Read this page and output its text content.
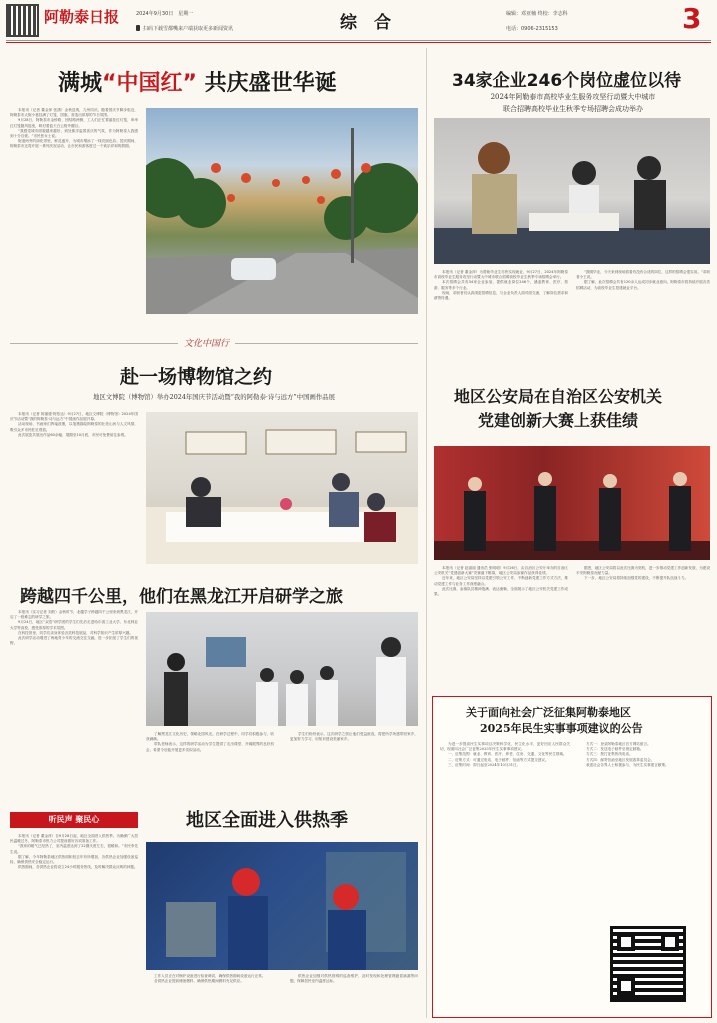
阿勒泰日报	2024年9月30日　星期一
扫码下载雪都嘴来户端获取更多新闻资讯	综　合	编辑：邓亚楠 终校：李志科
电话：0906-2315153	3
满城“中国红” 共庆盛世华诞

本报讯（记者 董金萍 张潇）金秋送爽，九州同庆。随着国庆节脚步临近，阿勒泰市大街小巷挂满了灯笼、国旗，营造出浓厚的节日氛围。

9月28日，阿勒泰市金桥路、团结路两侧，工人们正忙着悬挂红灯笼，串串红灯笼随风摇曳，映衬着蓝天白云格外醒目。

“我感觉城市面貌越来越好，到处都洋溢着喜庆的气氛，作为阿勒泰人我感到十分自豪。”市民张女士说。

街道两旁的绿化带里，鲜花盛开，为城市增添了一抹亮丽色彩。国庆期间，阿勒泰市还将开展一系列庆祝活动，让市民和游客度过一个欢乐祥和的假期。

文化中国行
赴一场博物馆之约
地区文博院（博物馆）举办2024年国庆节活动暨“我的阿勒泰·诗与远方”中国画作品展

本报讯（记者 阿丽德·阿依达）9月27日，地区文博院（博物馆）2024年国庆节活动暨“我的阿勒泰·诗与远方”中国画作品展开幕。

活动现场，书画家们挥毫泼墨，以笔墨描绘阿勒泰的壮美山河与人文风情，吸引众多市民驻足观看。

此次展览共展出作品60余幅，展期至10月底，市民可免费前往参观。

跨越四千公里，他们在黑龙江开启研学之旅

本报讯（实习记者 刘欣）金秋时节，北疆学子跨越四千公里来到黑龙江，开启了一段难忘的研学之旅。

9月24日，地区“双语”研学团的学生们先后走进哈尔滨工业大学、东北林业大学等高校，感受浓厚的学术氛围。

在科技馆里，同学们亲身体验各类科技展品，对科学知识产生浓厚兴趣。

此次研学活动增进了两地青少年的交流交往交融，进一步拓宽了学生们的视野。

了解黑龙江文化历史，领略北国风光。在研学过程中，同学们积极参与，收获满满。

带队老师表示，这样的研学活动为学生提供了走出课堂、开阔眼界的良好机会，希望今后能开展更多类似活动。

学生们纷纷表示，这次研学之旅让他们受益匪浅，将把所学所感带回家乡，更加努力学习，用知识建设美丽家乡。

听民声 聚民心

本报讯（记者 董金萍）自9月28日起，地区全面进入供热季。为确保广大居民温暖过冬，阿勒泰市热力公司提前做好各项准备工作。

“我家的暖气已经热了，室内温度达到了22摄氏度左右，很暖和。”市民李先生说。

据了解，今年阿勒泰地区供热面积较去年有所增加，各供热企业加强设备巡检，确保供热安全稳定运行。

供热期间，各供热企业将设立24小时服务热线，及时解决群众反映的问题。

地区全面进入供热季

工作人员正在对锅炉设备进行检查调试，确保供热期间设备运行正常。

各供热企业提前储备燃料，确保供热期间燃料充足供应。

供热企业加强对供热管网的巡查维护，及时发现和处理管网跑冒滴漏等问题，保障居民室内温度达标。

34家企业246个岗位虚位以待
2024年阿勒泰市高校毕业生服务攻坚行动暨大中城市
联合招聘高校毕业生秋季专场招聘会成功举办

本报讯（记者 董金萍）为帮助毕业生尽快实现就业，9月27日，2024年阿勒泰市高校毕业生服务攻坚行动暨大中城市联合招聘高校毕业生秋季专场招聘会举行。

本次招聘会共有34家企业参加，提供就业岗位246个，涵盖教育、医疗、旅游、服务等多个行业。

现场，求职者们认真浏览招聘信息，与企业负责人面对面交流，了解岗位需求和薪资待遇。

“我刚毕业，今天来到现场看看有没有合适的岗位，这样的招聘会很实用。”求职者小王说。

据了解，此次招聘会共有120余人达成初步就业意向。阿勒泰市将持续开展各类招聘活动，为高校毕业生搭建就业平台。

地区公安局在自治区公安机关
党建创新大赛上获佳绩

本报讯（记者 赵丽丽 通讯员 张明明）9月26日，由自治区公安厅举办的自治区公安机关“党建创新大赛”决赛落下帷幕，地区公安局参赛作品获得佳绩。

近年来，地区公安局坚持以党建引领公安工作，不断创新党建工作方式方法，推动党建工作与业务工作深度融合。

此次比赛，参赛队员精神饱满、表达流畅，全面展示了地区公安机关党建工作成果。

据悉，地区公安局将以此次比赛为契机，进一步推动党建工作创新发展，为建设平安阿勒泰贡献力量。

下一步，地区公安局将持续加强党的建设，不断提升队伍战斗力。

关于面向社会广泛征集阿勒泰地区
2025年民生实事事项建议的公告

为进一步提高民生实事项目决策科学化、民主化水平，更好回应人民群众关切，现面向社会广泛征集2025年民生实事事项建议。

一、征集范围：就业、教育、医疗、养老、住房、交通、文化等民生领域。

二、征集方式：可通过电话、电子邮件、信函等方式提交建议。

三、征集时间：即日起至2024年10月31日。

方式一：登录阿勒泰地区官方网站留言。

方式二：发送电子邮件至指定邮箱。

方式三：拨打征集热线电话。

方式四：邮寄信函至地区发展改革委员会。

欢迎社会各界人士积极参与，为民生实事建言献策。
